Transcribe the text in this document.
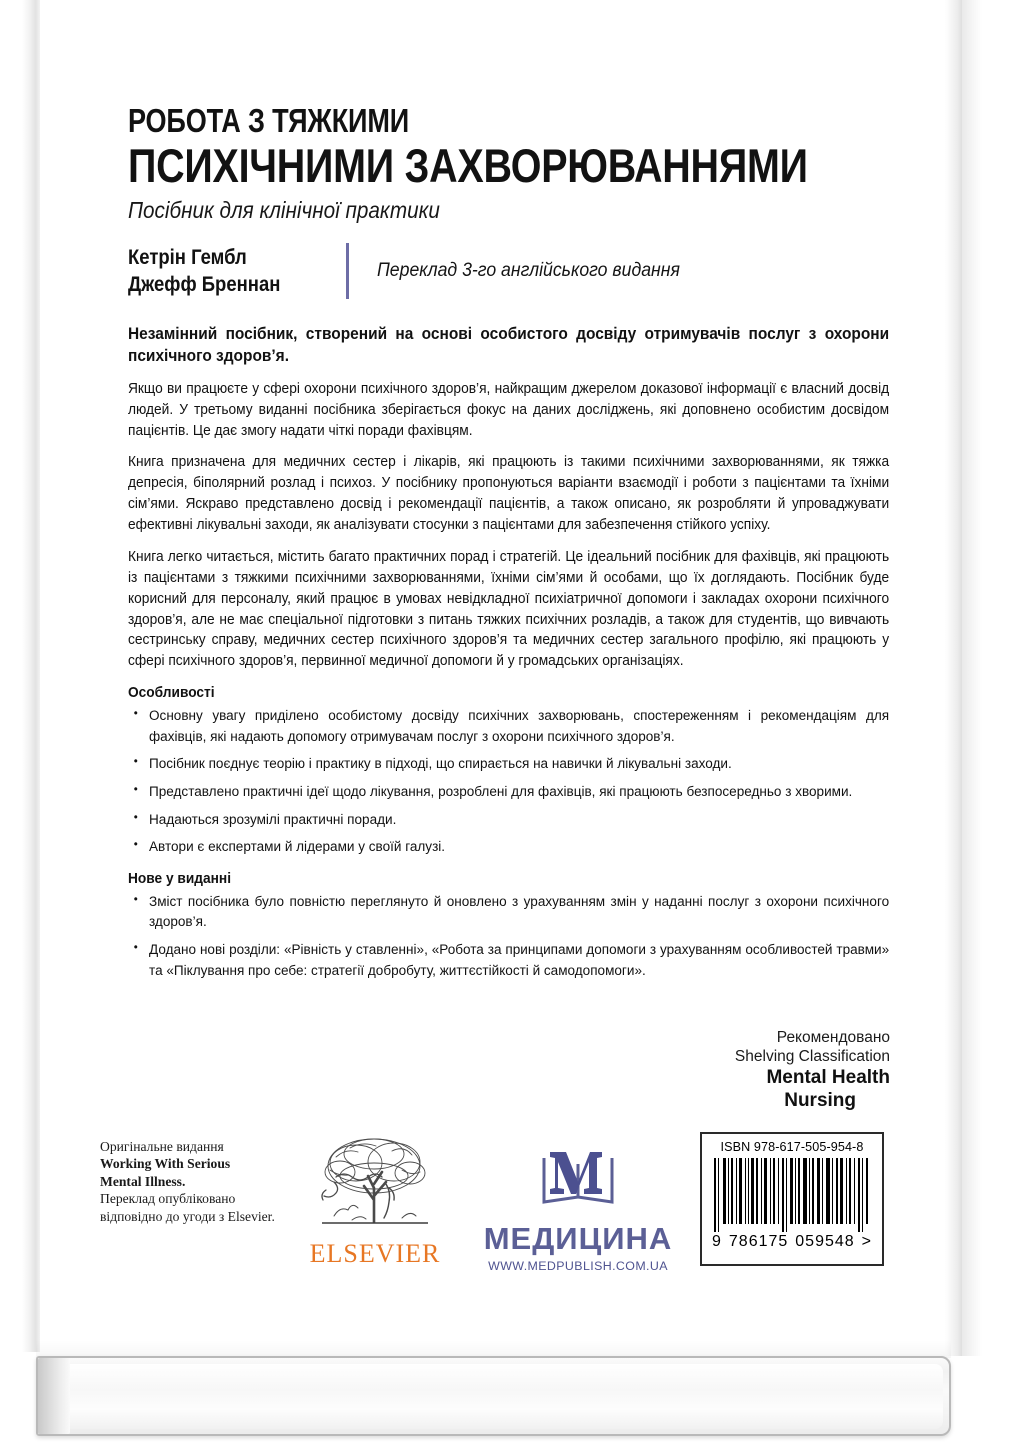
РОБОТА З ТЯЖКИМИ
ПСИХІЧНИМИ ЗАХВОРЮВАННЯМИ
Посібник для клінічної практики
Кетрін Гембл
Джефф Бреннан
Переклад 3-го англійського видання
Незамінний посібник, створений на основі особистого досвіду отримувачів послуг з охорони психічного здоров’я.

Якщо ви працюєте у сфері охорони психічного здоров’я, найкращим джерелом доказової інформації є власний досвід людей. У третьому виданні посібника зберігається фокус на даних досліджень, які доповнено особистим досвідом пацієнтів. Це дає змогу надати чіткі поради фахівцям.

Книга призначена для медичних сестер і лікарів, які працюють із такими психічними захворюваннями, як тяжка депресія, біполярний розлад і психоз. У посібнику пропонуються варіанти взаємодії і роботи з пацієнтами та їхніми сім’ями. Яскраво представлено досвід і рекомендації пацієнтів, а також описано, як розробляти й упроваджувати ефективні лікувальні заходи, як аналізувати стосунки з пацієнтами для забезпечення стійкого успіху.

Книга легко читається, містить багато практичних порад і стратегій. Це ідеальний посібник для фахівців, які працюють із пацієнтами з тяжкими психічними захворюваннями, їхніми сім’ями й особами, що їх доглядають. Посібник буде корисний для персоналу, який працює в умовах невідкладної психіатричної допомоги і закладах охорони психічного здоров’я, але не має спеціальної підготовки з питань тяжких психічних розладів, а також для студентів, що вивчають сестринську справу, медичних сестер психічного здоров’я та медичних сестер загального профілю, які працюють у сфері психічного здоров’я, первинної медичної допомоги й у громадських організаціях.

Особливості
• Основну увагу приділено особистому досвіду психічних захворювань, спостереженням і рекомендаціям для фахівців, які надають допомогу отримувачам послуг з охорони психічного здоров’я.
• Посібник поєднує теорію і практику в підході, що спирається на навички й лікувальні заходи.
• Представлено практичні ідеї щодо лікування, розроблені для фахівців, які працюють безпосередньо з хворими.
• Надаються зрозумілі практичні поради.
• Автори є експертами й лідерами у своїй галузі.
Нове у виданні
• Зміст посібника було повністю переглянуто й оновлено з урахуванням змін у наданні послуг з охорони психічного здоров’я.
• Додано нові розділи: «Рівність у ставленні», «Робота за принципами допомоги з урахуванням особливостей травми» та «Піклування про себе: стратегії добробуту, життєстійкості й самодопомоги».
Рекомендовано
Shelving Classification
Mental Health
Nursing
Оригінальне видання
Working With Serious
Mental Illness.
Переклад опубліковано
відповідно до угоди з Elsevier.
ELSEVIER МЕДИЦИНА
WWW.MEDPUBLISH.COM.UA
ISBN 978-617-505-954-8
9 786175 059548 >
